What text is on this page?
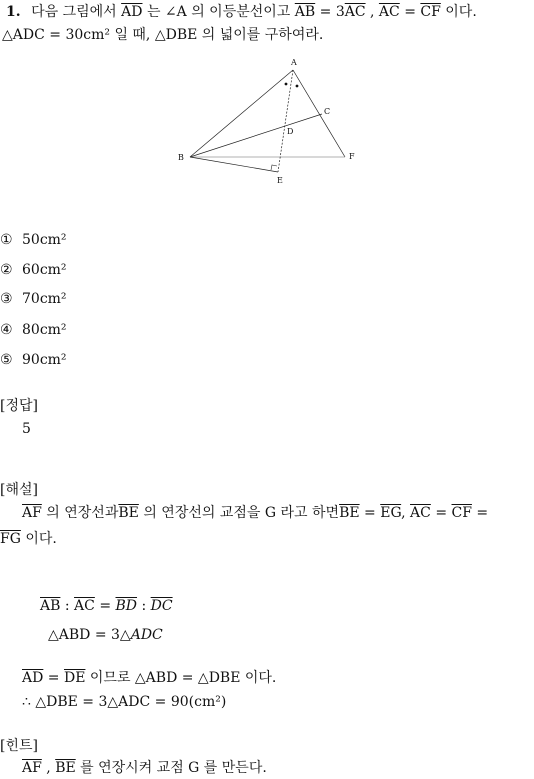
1. 다음 그림에서 $\overline{AD}$ 는 ∠A 의 이등분선이고 $\overline{AB} = 3\overline{AC}$ , $\overline{AC} = \overline{CF}$ 이다.
△ADC = 30cm² 일 때, △DBE 의 넓이를 구하여라.
A
B
C
D
E
F
① 50cm²
② 60cm²
③ 70cm²
④ 80cm²
⑤ 90cm²
[정답]
5
[해설]
$\overline{AF}$ 의 연장선과$\overline{BE}$ 의 연장선의 교점을 G 라고 하면$\overline{BE} = \overline{EG}$, $\overline{AC} = \overline{CF}$ =
$\overline{FG}$ 이다.
$\overline{AB}$ : $\overline{AC} = \overline{BD}$ : $\overline{DC}$
△ABD = 3△ADC
$\overline{AD} = \overline{DE}$ 이므로 △ABD = △DBE 이다.
∴ △DBE = 3△ADC = 90(cm²)
[힌트]
$\overline{AF}$ , $\overline{BE}$ 를 연장시켜 교점 G 를 만든다.
